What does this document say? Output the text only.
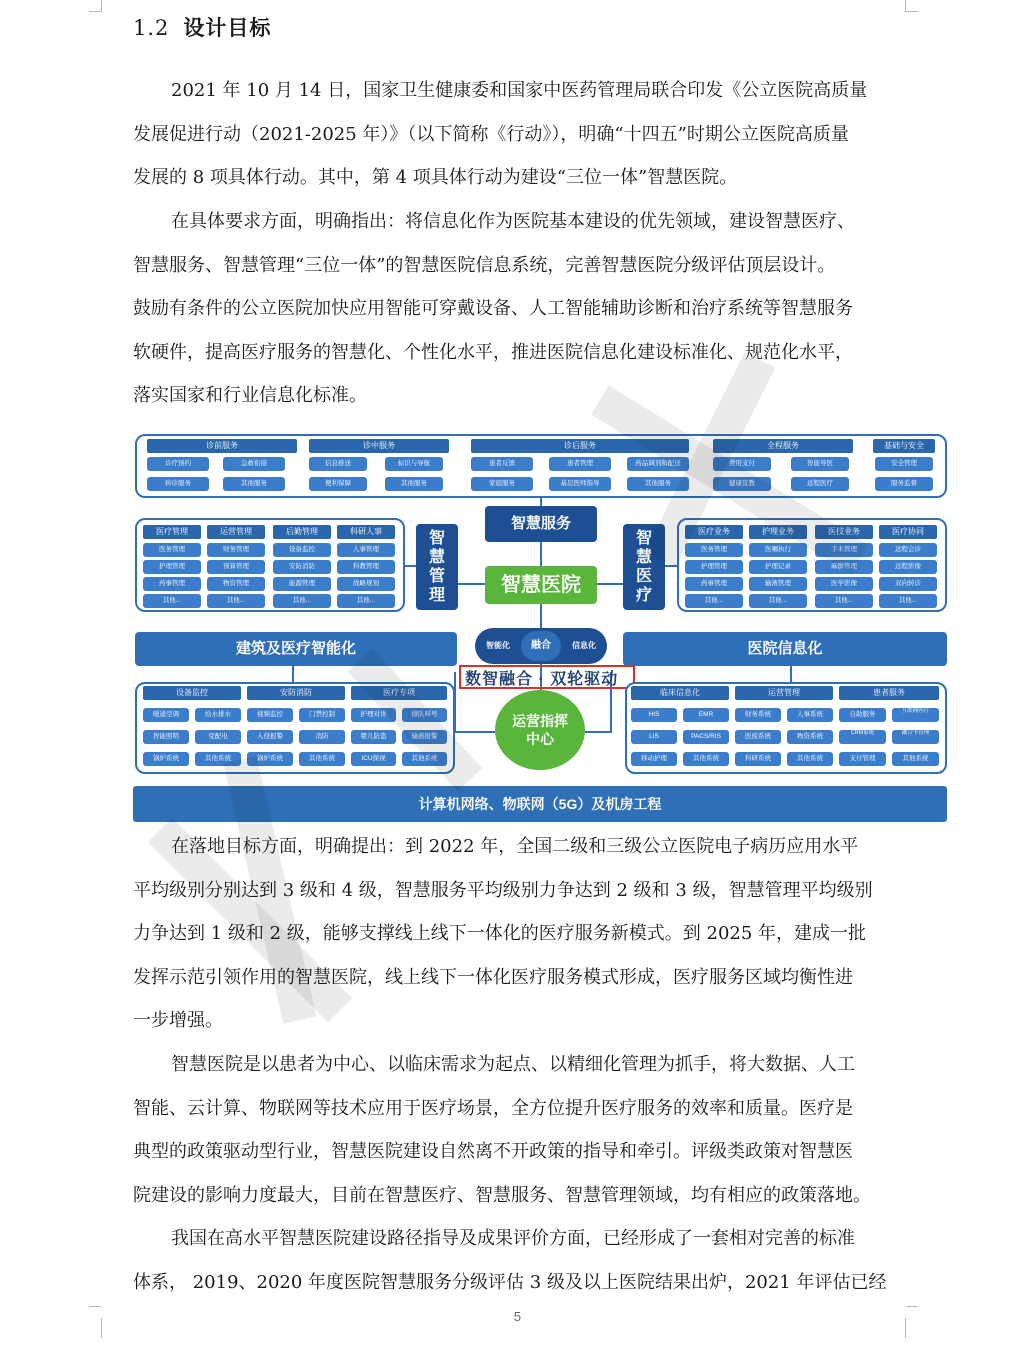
1.2 设计目标
2021 年 10 月 14 日，国家卫生健康委和国家中医药管理局联合印发《公立医院高质量
发展促进行动（2021-2025 年）》（以下简称《行动》），明确“十四五”时期公立医院高质量
发展的 8 项具体行动。其中，第 4 项具体行动为建设“三位一体”智慧医院。
在具体要求方面，明确指出：将信息化作为医院基本建设的优先领域，建设智慧医疗、
智慧服务、智慧管理“三位一体”的智慧医院信息系统，完善智慧医院分级评估顶层设计。
鼓励有条件的公立医院加快应用智能可穿戴设备、人工智能辅助诊断和治疗系统等智慧服务
软硬件，提高医疗服务的智慧化、个性化水平，推进医院信息化建设标准化、规范化水平，
落实国家和行业信息化标准。
诊前服务
诊疗预约	急救衔接
转诊服务	其他服务
诊中服务
信息推送	标识与导航
便利保障	其他服务
诊后服务
患者反馈	患者管理	药品调剂和配送
家庭服务	基层医师指导	其他服务
全程服务
费用支付	智能导医
健康宣教	远程医疗
基础与安全
安全管理
服务监督
医疗管理
医务管理
护理管理
药事管理
其他...
运营管理
财务管理
预算管理
物资管理
其他...
后勤管理
设备监控
安防消防
能源管理
其他...
科研人事
人事管理
科教管理
战略规划
其他...
医疗业务
医务管理
护理管理
药事管理
其他...
护理业务
医嘱执行
护理记录
输液管理
其他...
医技业务
手术管理
麻醉管理
医学影像
其他...
医疗协同
远程会诊
远程影像
双向转诊
其他...
智慧服务
智慧管理
智慧医疗
智慧医院
智能化	融合	信息化
建筑及医疗智能化	医院信息化
数智融合 · 双轮驱动
运营指挥中心
设备监控
暖通空调	给水排水
智能照明	变配电
锅炉系统	其他系统
安防消防
视频监控	门禁控制
入侵报警	消防
锅炉系统	其他系统
医疗专项
护理对讲	排队叫号
婴儿防盗	输液报警
ICU探视	其他系统
临床信息化
HIS	EMR
LIS	PACS/RIS
移动护理	其他系统
运营管理
财务系统	人事系统
医废系统	物资系统
科研系统	其他系统
患者服务
自助服务	互联网医疗
CRM系统	融合卡管理
支付管理	其他系统
计算机网络、物联网（5G）及机房工程
在落地目标方面，明确提出：到 2022 年，全国二级和三级公立医院电子病历应用水平
平均级别分别达到 3 级和 4 级，智慧服务平均级别力争达到 2 级和 3 级，智慧管理平均级别
力争达到 1 级和 2 级，能够支撑线上线下一体化的医疗服务新模式。到 2025 年，建成一批
发挥示范引领作用的智慧医院，线上线下一体化医疗服务模式形成，医疗服务区域均衡性进
一步增强。
智慧医院是以患者为中心、以临床需求为起点、以精细化管理为抓手，将大数据、人工
智能、云计算、物联网等技术应用于医疗场景，全方位提升医疗服务的效率和质量。医疗是
典型的政策驱动型行业，智慧医院建设自然离不开政策的指导和牵引。评级类政策对智慧医
院建设的影响力度最大，目前在智慧医疗、智慧服务、智慧管理领域，均有相应的政策落地。
我国在高水平智慧医院建设路径指导及成果评价方面，已经形成了一套相对完善的标准
体系， 2019、2020 年度医院智慧服务分级评估 3 级及以上医院结果出炉，2021 年评估已经
5
